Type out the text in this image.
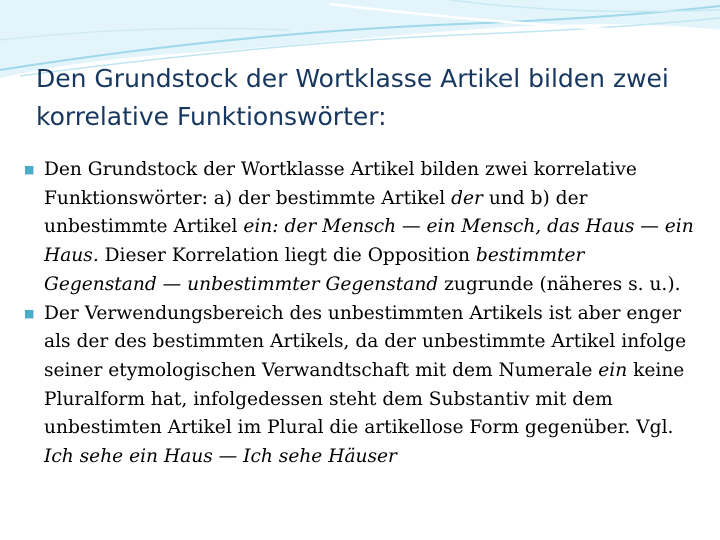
Den Grundstock der Wortklasse Artikel bilden zwei korrelative Funktionswörter:

■ Den Grundstock der Wortklasse Artikel bilden zwei korrelative Funktionswörter: a) der bestimmte Artikel der und b) der unbestimmte Artikel ein: der Mensch — ein Mensch, das Haus — ein Haus. Dieser Korrelation liegt die Opposition bestimmter Gegenstand — unbestimmter Gegenstand zugrunde (näheres s. u.).

■ Der Verwendungsbereich des unbestimmten Artikels ist aber enger als der des bestimmten Artikels, da der unbestimmte Artikel infolge seiner etymologischen Verwandtschaft mit dem Numerale ein keine Pluralform hat, infolgedessen steht dem Substantiv mit dem unbestimten Artikel im Plural die artikellose Form gegenüber. Vgl. Ich sehe ein Haus — Ich sehe Häuser
